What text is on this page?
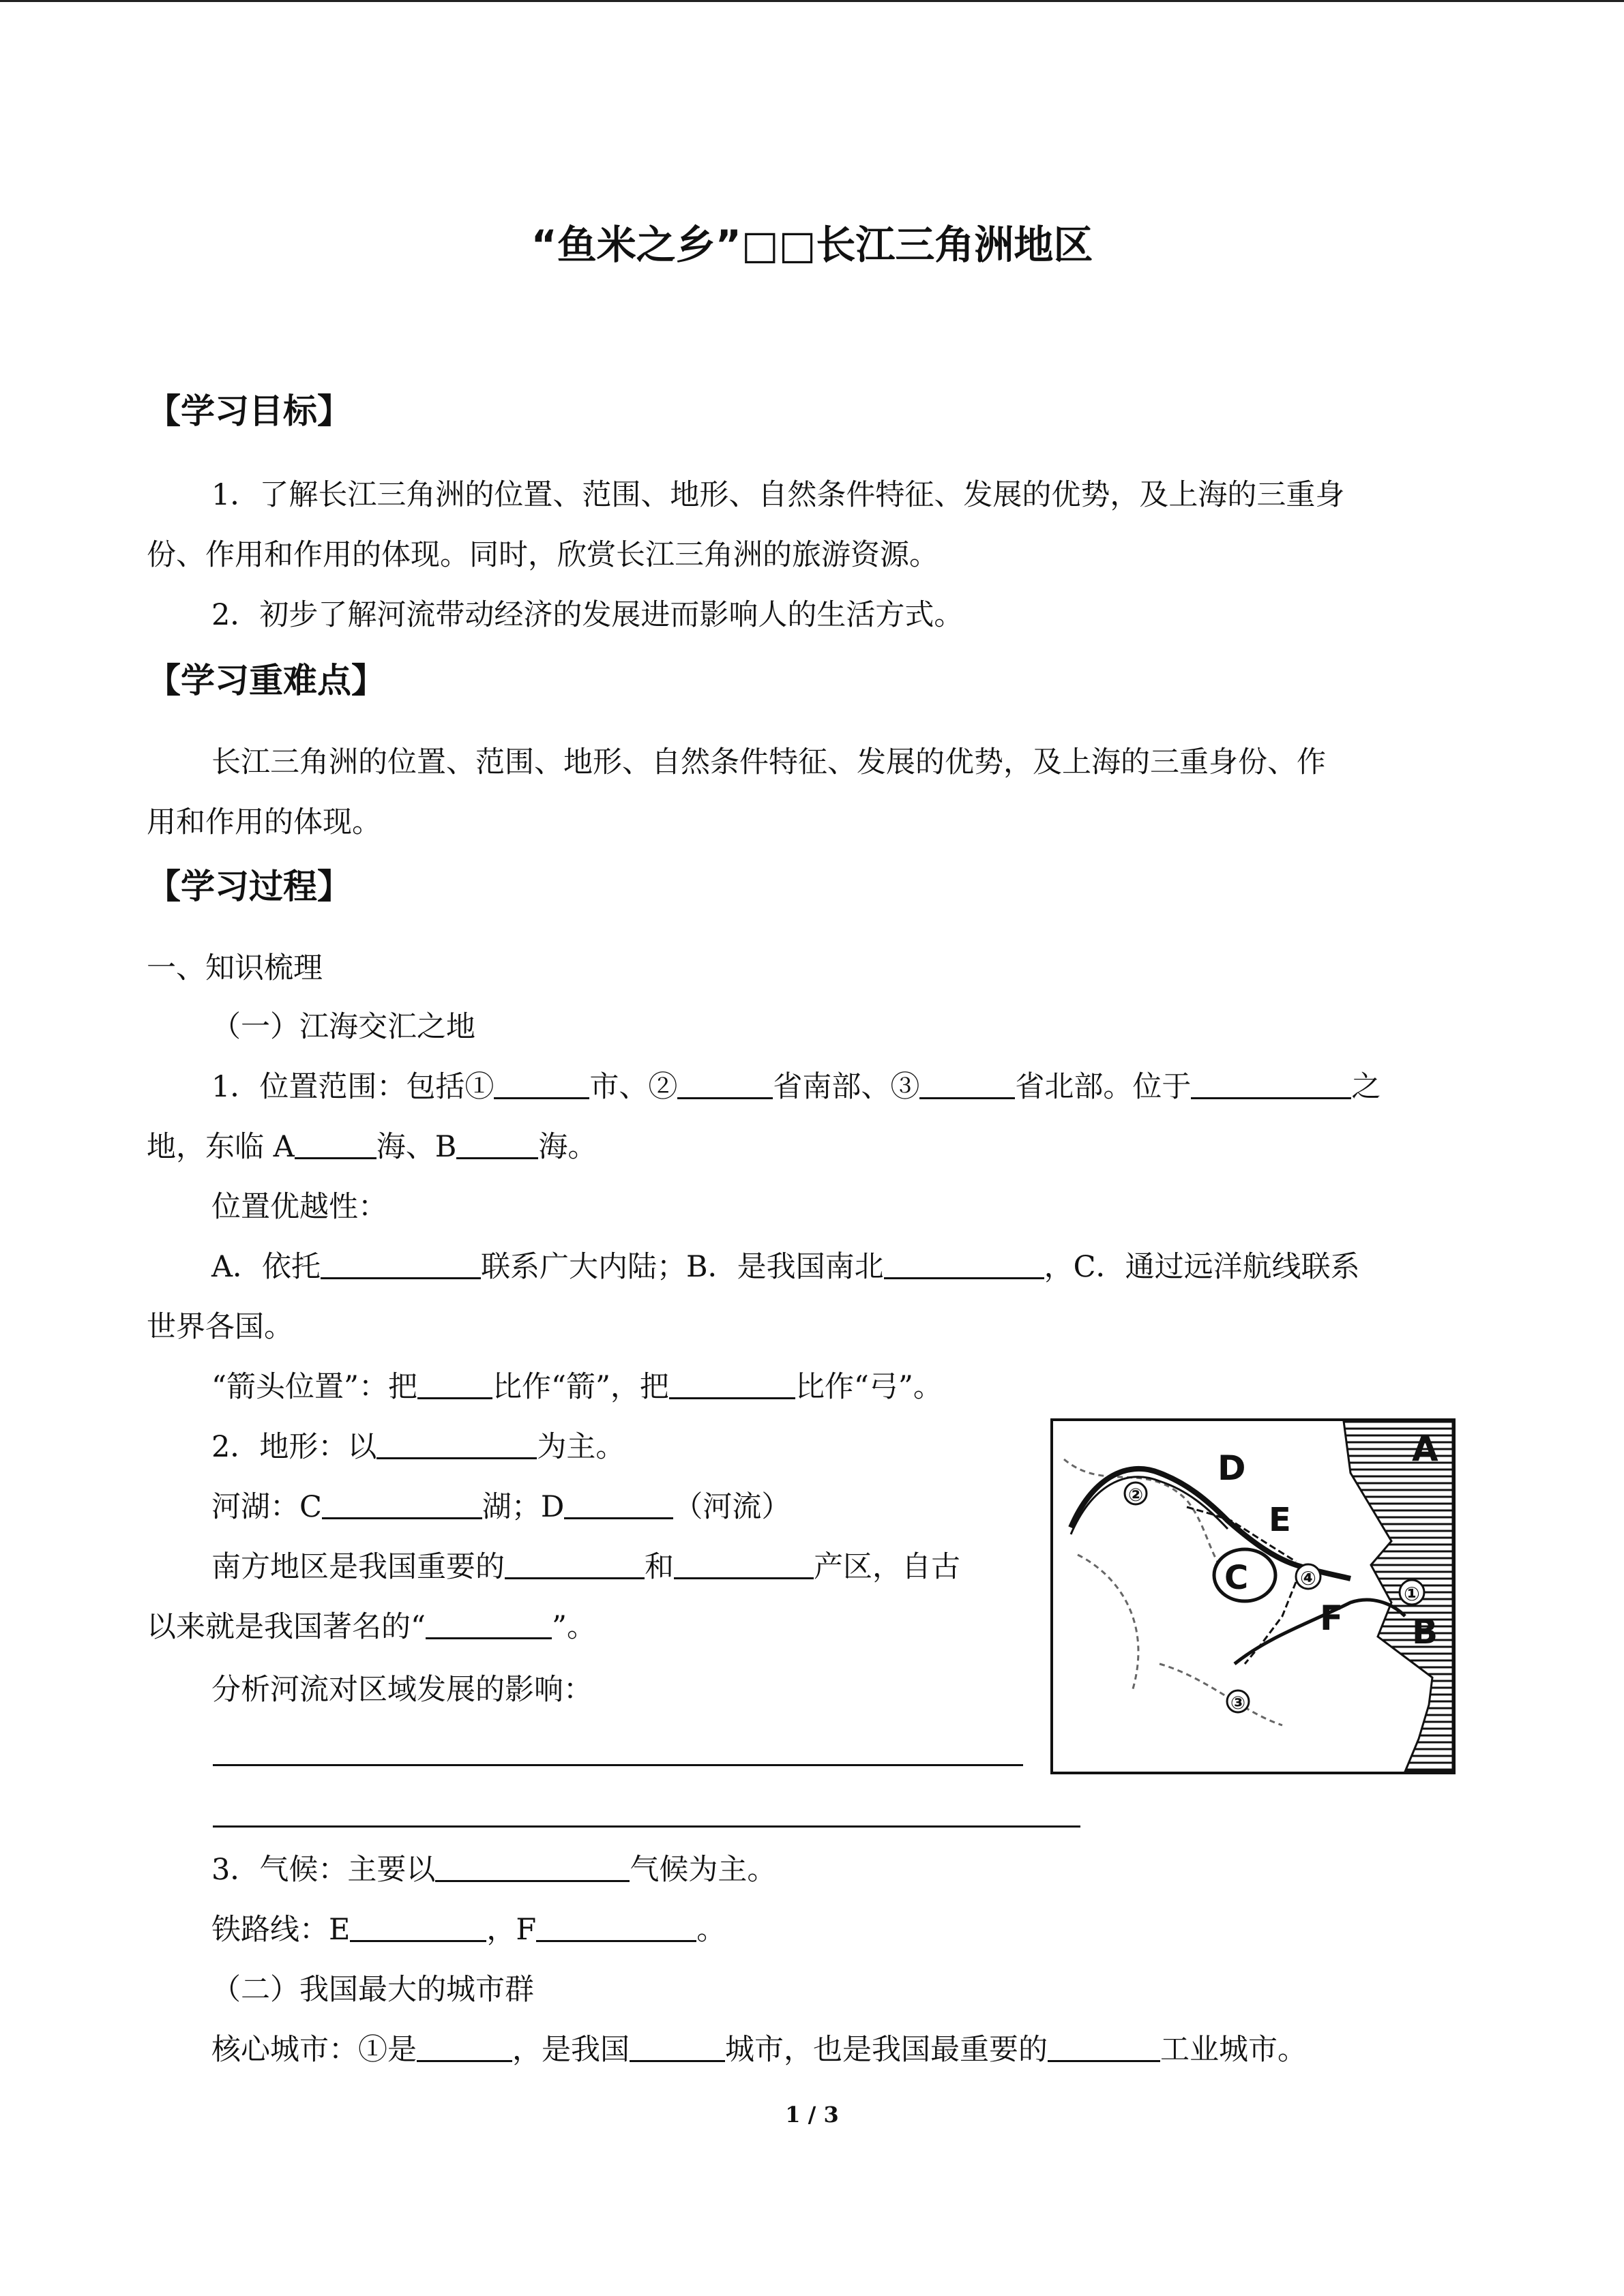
“鱼米之乡”□□长江三角洲地区
【学习目标】
1．了解长江三角洲的位置、范围、地形、自然条件特征、发展的优势，及上海的三重身
份、作用和作用的体现。同时，欣赏长江三角洲的旅游资源。
2．初步了解河流带动经济的发展进而影响人的生活方式。
【学习重难点】
长江三角洲的位置、范围、地形、自然条件特征、发展的优势，及上海的三重身份、作
用和作用的体现。
【学习过程】
一、知识梳理
（一）江海交汇之地
1．位置范围：包括①	市、②	省南部、③	省北部。位于	之
地，东临 A	海、B	海。
位置优越性：
A．依托	联系广大内陆；B．是我国南北	，C．通过远洋航线联系
世界各国。
“箭头位置”：把	比作“箭”，把	比作“弓”。
2．地形：以	为主。
河湖：C	湖；D	（河流）
南方地区是我国重要的	和	产区，自古
以来就是我国著名的“	”。
分析河流对区域发展的影响：
3．气候：主要以	气候为主。
铁路线：E	，F	。
（二）我国最大的城市群
核心城市：①是	，是我国	城市，也是我国最重要的	工业城市。
①
②
③
④
A
B
C
D
E
F
1 / 3
